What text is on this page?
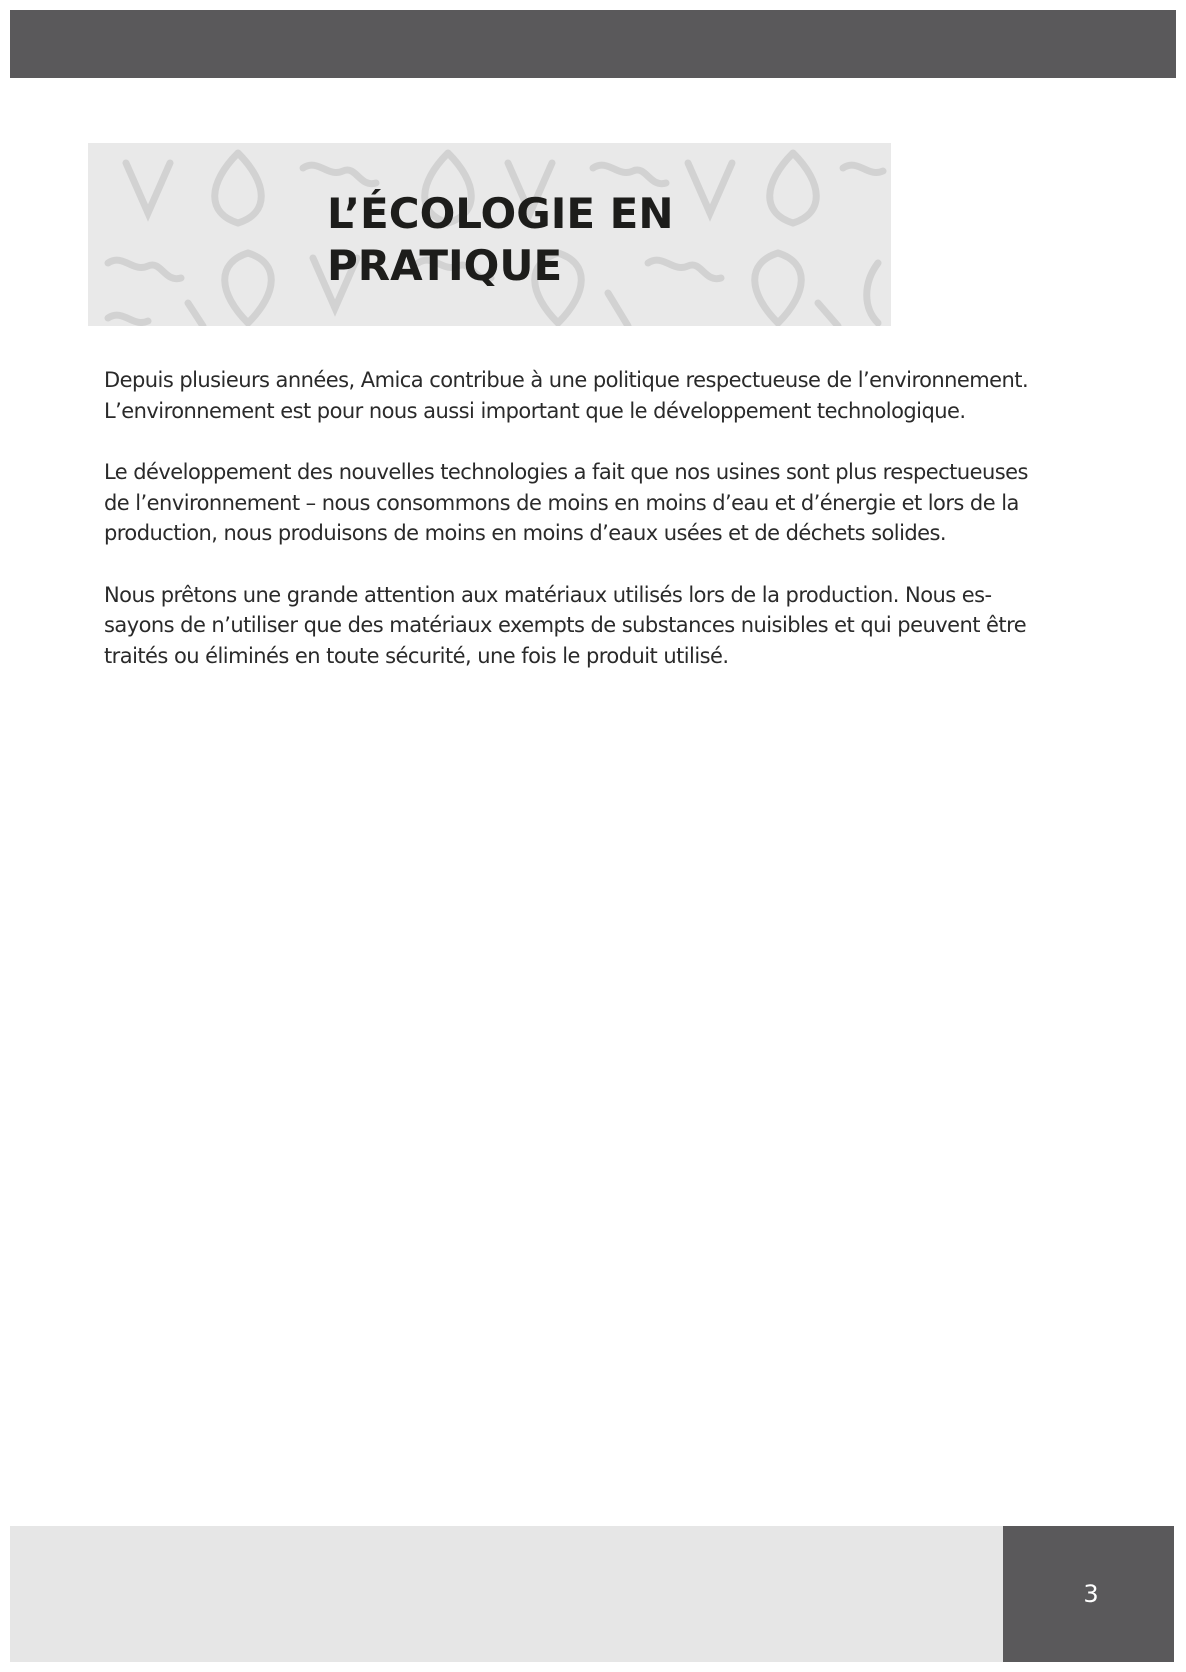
L’ÉCOLOGIE EN
PRATIQUE

Depuis plusieurs années, Amica contribue à une politique respectueuse de l’environnement.
L’environnement est pour nous aussi important que le développement technologique.

Le développement des nouvelles technologies a fait que nos usines sont plus respectueuses
de l’environnement – nous consommons de moins en moins d’eau et d’énergie et lors de la
production, nous produisons de moins en moins d’eaux usées et de déchets solides.

Nous prêtons une grande attention aux matériaux utilisés lors de la production. Nous es-
sayons de n’utiliser que des matériaux exempts de substances nuisibles et qui peuvent être
traités ou éliminés en toute sécurité, une fois le produit utilisé.

3
